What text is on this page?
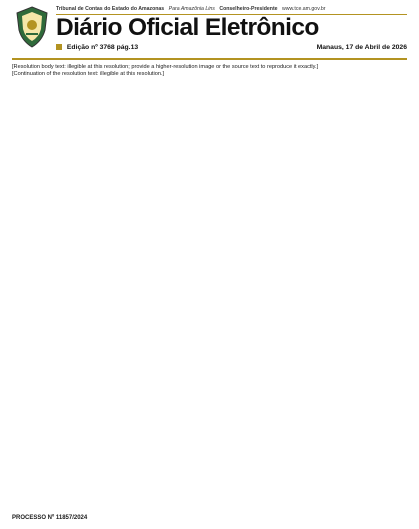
Tribunal de Contas do Estado do Amazonas Para Amazônia Lins Conselheiro-Presidente www.tce.am.gov.br
Diário Oficial Eletrônico
Edição nº 3768 pág.13	Manaus, 17 de Abril de 2026

[Resolution body text: illegible at this resolution; provide a higher-resolution image or the source text to reproduce it exactly.]

[Continuation of the resolution text: illegible at this resolution.]

PROCESSO Nº 11857/2024
